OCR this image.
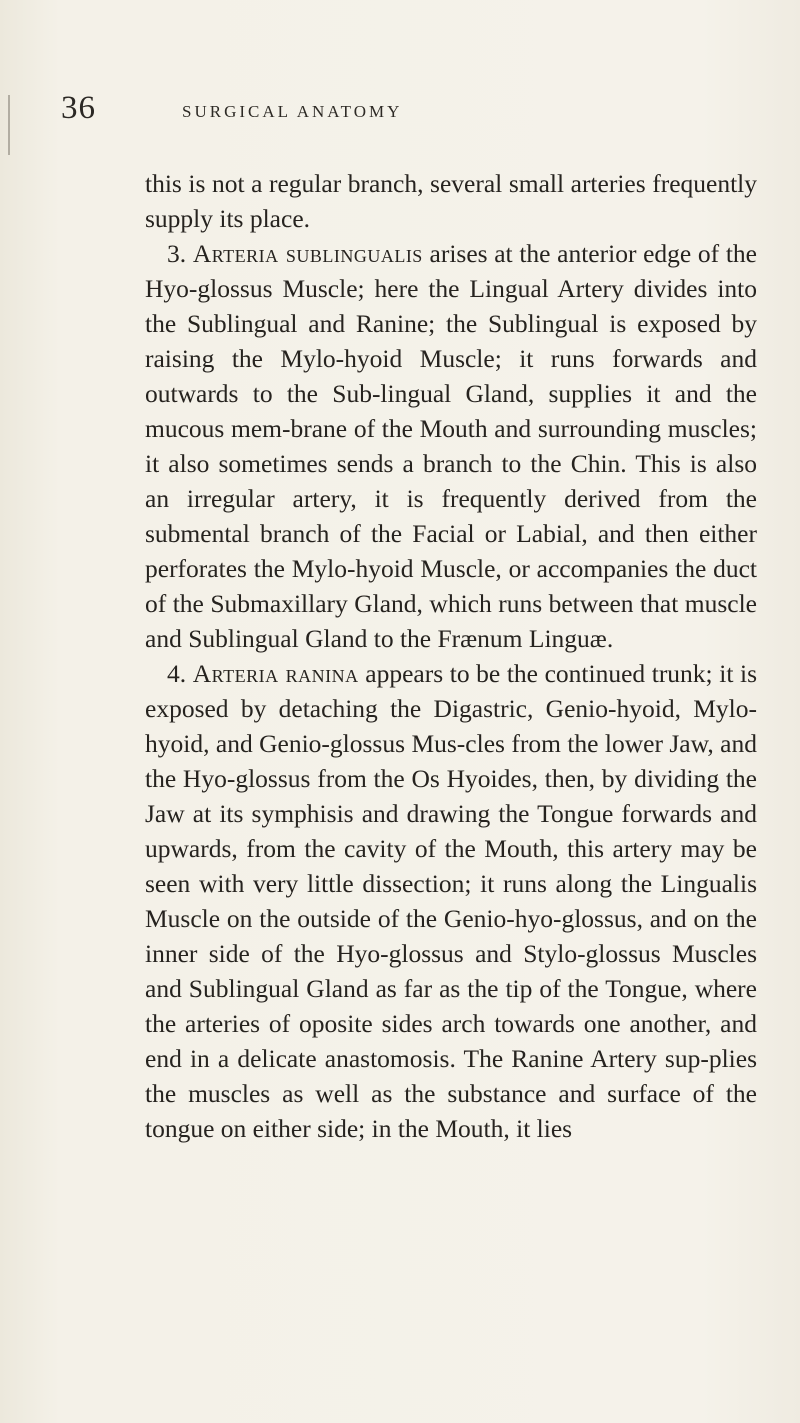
36	SURGICAL ANATOMY

this is not a regular branch, several small arteries frequently supply its place.

3. Arteria sublingualis arises at the anterior edge of the Hyo-glossus Muscle; here the Lingual Artery divides into the Sublingual and Ranine; the Sublingual is exposed by raising the Mylo-hyoid Muscle; it runs forwards and outwards to the Sub-lingual Gland, supplies it and the mucous mem-brane of the Mouth and surrounding muscles; it also sometimes sends a branch to the Chin. This is also an irregular artery, it is frequently derived from the submental branch of the Facial or Labial, and then either perforates the Mylo-hyoid Muscle, or accompanies the duct of the Submaxillary Gland, which runs between that muscle and Sublingual Gland to the Frænum Linguæ.

4. Arteria ranina appears to be the continued trunk; it is exposed by detaching the Digastric, Genio-hyoid, Mylo-hyoid, and Genio-glossus Mus-cles from the lower Jaw, and the Hyo-glossus from the Os Hyoides, then, by dividing the Jaw at its symphisis and drawing the Tongue forwards and upwards, from the cavity of the Mouth, this artery may be seen with very little dissection; it runs along the Lingualis Muscle on the outside of the Genio-hyo-glossus, and on the inner side of the Hyo-glossus and Stylo-glossus Muscles and Sublingual Gland as far as the tip of the Tongue, where the arteries of oposite sides arch towards one another, and end in a delicate anastomosis. The Ranine Artery sup-plies the muscles as well as the substance and surface of the tongue on either side; in the Mouth, it lies
